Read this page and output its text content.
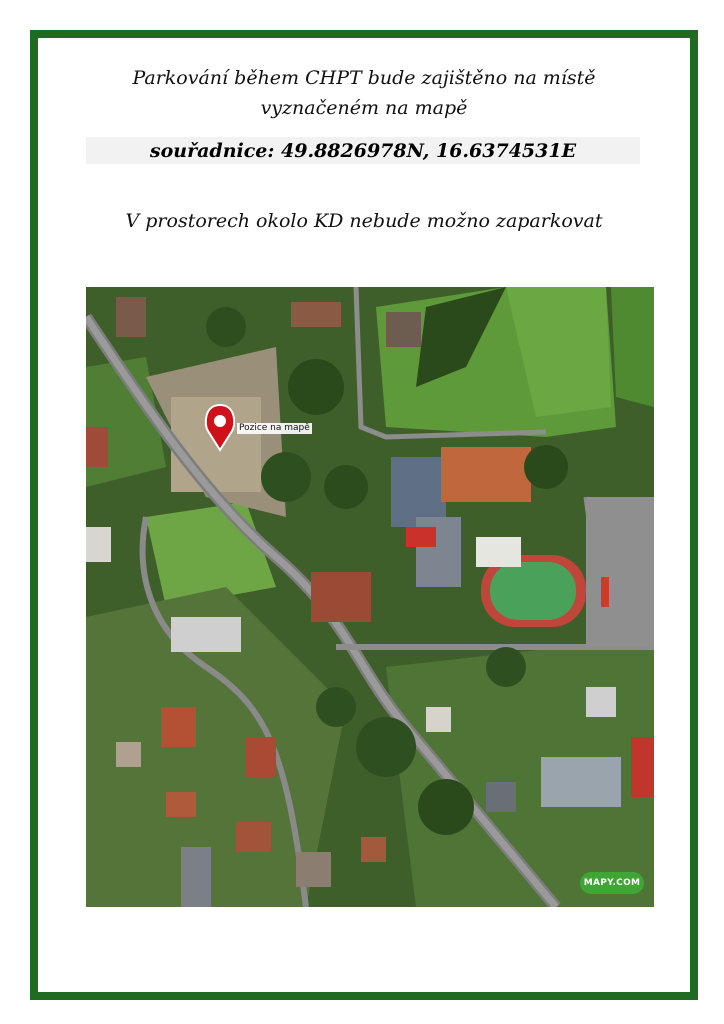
Parkování během CHPT bude zajištěno na místě vyznačeném na mapě
souřadnice: 49.8826978N, 16.6374531E
V prostorech okolo KD nebude možno zaparkovat
Pozice na mapě
MAPY.COM
